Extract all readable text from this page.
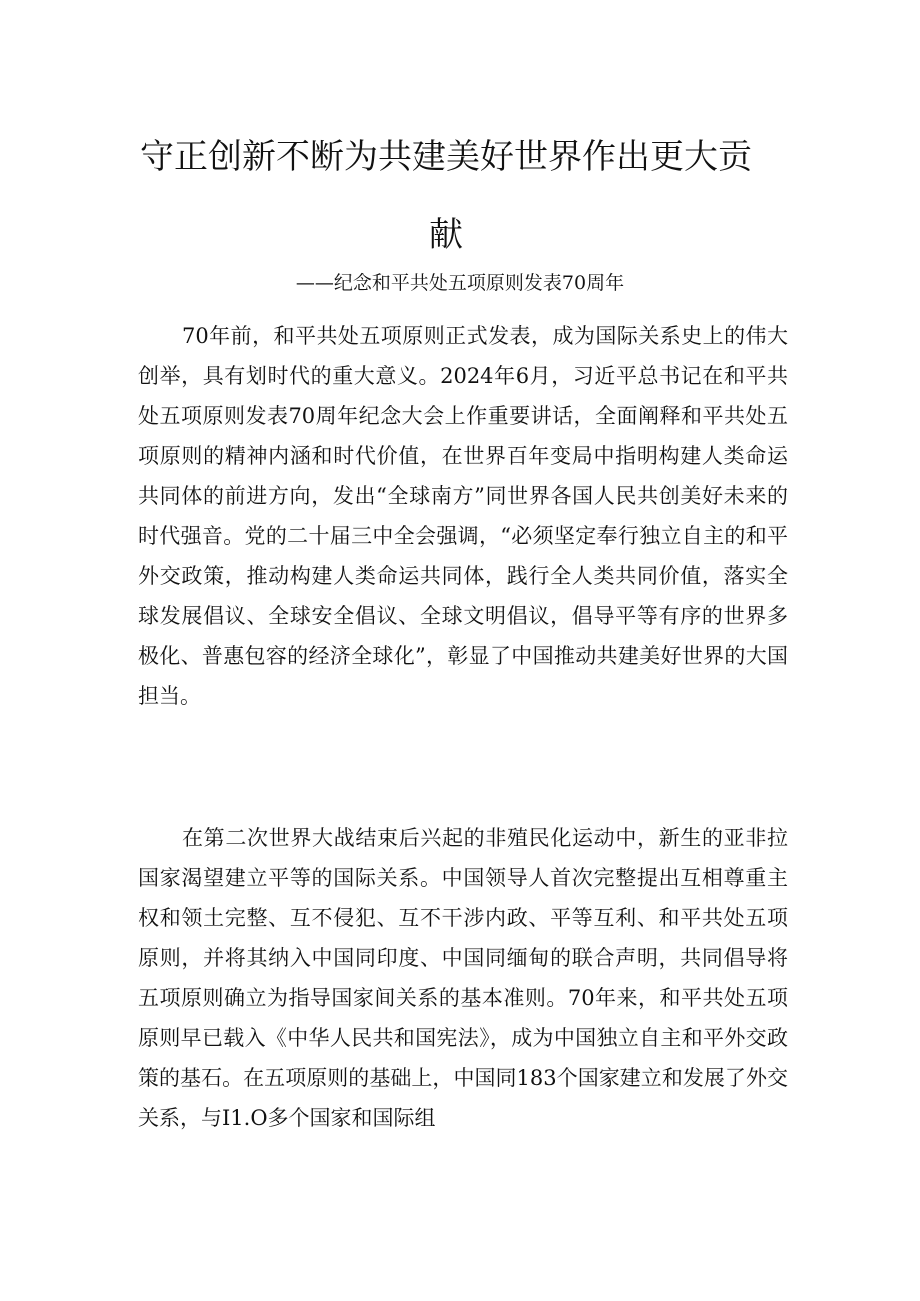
守正创新不断为共建美好世界作出更大贡
献
——纪念和平共处五项原则发表70周年

70年前，和平共处五项原则正式发表，成为国际关系史上的伟大创举，具有划时代的重大意义。2024年6月，习近平总书记在和平共处五项原则发表70周年纪念大会上作重要讲话，全面阐释和平共处五项原则的精神内涵和时代价值，在世界百年变局中指明构建人类命运共同体的前进方向，发出“全球南方”同世界各国人民共创美好未来的时代强音。党的二十届三中全会强调，“必须坚定奉行独立自主的和平外交政策，推动构建人类命运共同体，践行全人类共同价值，落实全球发展倡议、全球安全倡议、全球文明倡议，倡导平等有序的世界多极化、普惠包容的经济全球化”，彰显了中国推动共建美好世界的大国担当。

在第二次世界大战结束后兴起的非殖民化运动中，新生的亚非拉国家渴望建立平等的国际关系。中国领导人首次完整提出互相尊重主权和领土完整、互不侵犯、互不干涉内政、平等互利、和平共处五项原则，并将其纳入中国同印度、中国同缅甸的联合声明，共同倡导将五项原则确立为指导国家间关系的基本准则。70年来，和平共处五项原则早已载入《中华人民共和国宪法》，成为中国独立自主和平外交政策的基石。在五项原则的基础上，中国同183个国家建立和发展了外交关系，与I1.O多个国家和国际组
